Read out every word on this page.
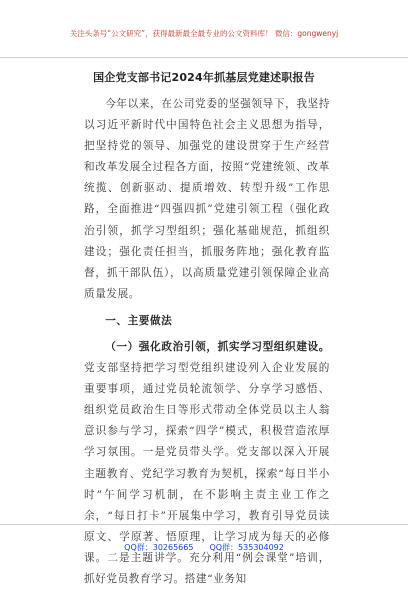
关注头条号“公文研究”，获得最新最全最专业的公文资料库！ 微信：gongwenyj
国企党支部书记2024年抓基层党建述职报告

今年以来，在公司党委的坚强领导下，我坚持以习近平新时代中国特色社会主义思想为指导，把坚持党的领导、加强党的建设贯穿于生产经营和改革发展全过程各方面，按照“党建统领、改革统揽、创新驱动、提质增效、转型升级”工作思路，全面推进“四强四抓”党建引领工程（强化政治引领，抓学习型组织；强化基础规范，抓组织建设；强化责任担当，抓服务阵地；强化教育监督，抓干部队伍），以高质量党建引领保障企业高质量发展。

一、主要做法

（一）强化政治引领，抓实学习型组织建设。党支部坚持把学习型党组织建设列入企业发展的重要事项，通过党员轮流领学、分享学习感悟、组织党员政治生日等形式带动全体党员以主人翁意识参与学习，探索“四学”模式，积极营造浓厚学习氛围。一是党员带头学。党支部以深入开展主题教育、党纪学习教育为契机，探索“每日半小时”午间学习机制，在不影响主责主业工作之余，“每日打卡”开展集中学习，教育引导党员读原文、学原著、悟原理，让学习成为每天的必修课。二是主题讲学。充分利用“例会课堂”培训，抓好党员教育学习。搭建“业务知

QQ群：30265665 QQ群：535304092
